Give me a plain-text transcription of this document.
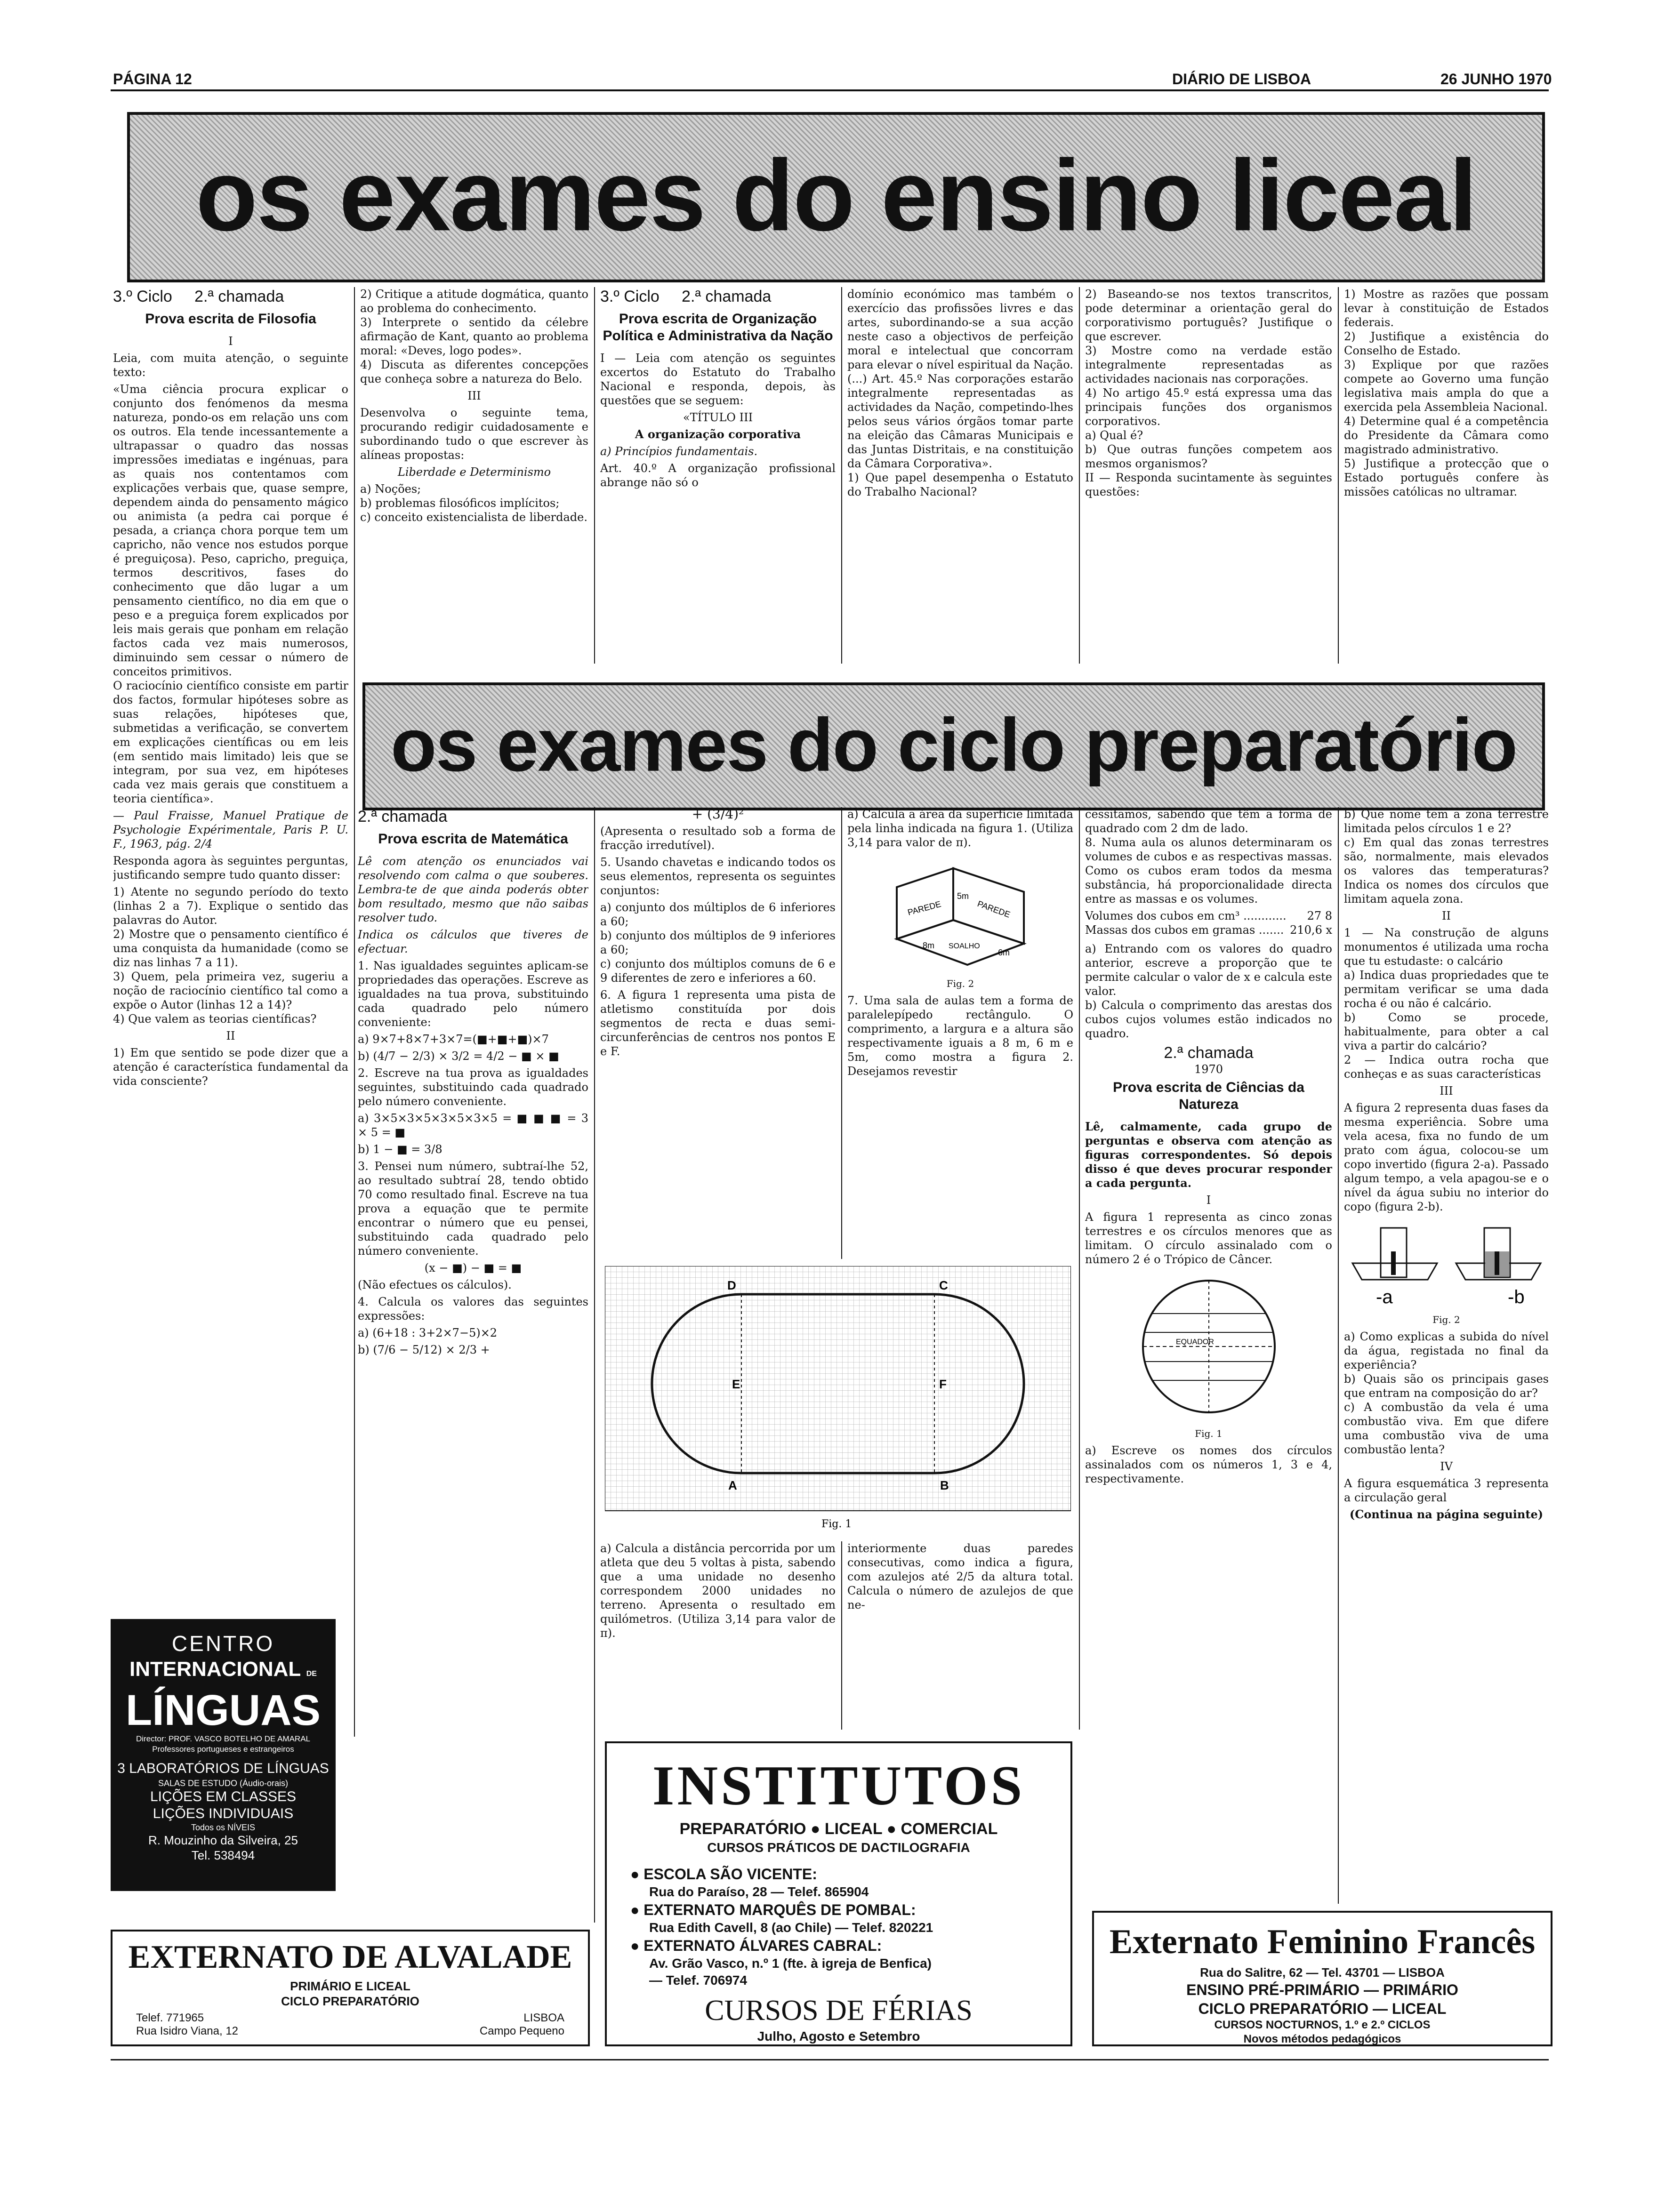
PÁGINA 12	DIÁRIO DE LISBOA	26 JUNHO 1970
os exames do ensino liceal
3.º Ciclo 2.ª chamada
Prova escrita de Filosofia

I

Leia, com muita atenção, o seguinte texto:

«Uma ciência procura explicar o conjunto dos fenómenos da mesma natureza, pondo-os em relação uns com os outros. Ela tende incessantemente a ultrapassar o quadro das nossas impressões imediatas e ingénuas, para as quais nos contentamos com explicações verbais que, quase sempre, dependem ainda do pensamento mágico ou animista (a pedra cai porque é pesada, a criança chora porque tem um capricho, não vence nos estudos porque é preguiçosa). Peso, capricho, preguiça, termos descritivos, fases do conhecimento que dão lugar a um pensamento científico, no dia em que o peso e a preguiça forem explicados por leis mais gerais que ponham em relação factos cada vez mais numerosos, diminuindo sem cessar o número de conceitos primitivos.
O raciocínio científico consiste em partir dos factos, formular hipóteses sobre as suas relações, hipóteses que, submetidas a verificação, se convertem em explicações científicas ou em leis (em sentido mais limitado) leis que se integram, por sua vez, em hipóteses cada vez mais gerais que constituem a teoria científica».

— Paul Fraisse, Manuel Pratique de Psychologie Expérimentale, Paris P. U. F., 1963, pág. 2/4

Responda agora às seguintes perguntas, justificando sempre tudo quanto disser:

1) Atente no segundo período do texto (linhas 2 a 7). Explique o sentido das palavras do Autor.
2) Mostre que o pensamento científico é uma conquista da humanidade (como se diz nas linhas 7 a 11).
3) Quem, pela primeira vez, sugeriu a noção de raciocínio científico tal como a expõe o Autor (linhas 12 a 14)?
4) Que valem as teorias científicas?

II

1) Em que sentido se pode dizer que a atenção é característica fundamental da vida consciente?

2) Critique a atitude dogmática, quanto ao problema do conhecimento.
3) Interprete o sentido da célebre afirmação de Kant, quanto ao problema moral: «Deves, logo podes».
4) Discuta as diferentes concepções que conheça sobre a natureza do Belo.

III

Desenvolva o seguinte tema, procurando redigir cuidadosamente e subordinando tudo o que escrever às alíneas propostas:

Liberdade e Determinismo

a) Noções;
b) problemas filosóficos implícitos;
c) conceito existencialista de liberdade.

3.º Ciclo 2.ª chamada
Prova escrita de Organização Política e Administrativa da Nação

I — Leia com atenção os seguintes excertos do Estatuto do Trabalho Nacional e responda, depois, às questões que se seguem:

«TÍTULO III

A organização corporativa

a) Princípios fundamentais.

Art. 40.º A organização profissional abrange não só o

domínio económico mas também o exercício das profissões livres e das artes, subordinando-se a sua acção neste caso a objectivos de perfeição moral e intelectual que concorram para elevar o nível espiritual da Nação.
(...) Art. 45.º Nas corporações estarão integralmente representadas as actividades da Nação, competindo-lhes pelos seus vários órgãos tomar parte na eleição das Câmaras Municipais e das Juntas Distritais, e na constituição da Câmara Corporativa».
1) Que papel desempenha o Estatuto do Trabalho Nacional?

2) Baseando-se nos textos transcritos, pode determinar a orientação geral do corporativismo português? Justifique o que escrever.
3) Mostre como na verdade estão integralmente representadas as actividades nacionais nas corporações.
4) No artigo 45.º está expressa uma das principais funções dos organismos corporativos.
a) Qual é?
b) Que outras funções competem aos mesmos organismos?
II — Responda sucintamente às seguintes questões:

1) Mostre as razões que possam levar à constituição de Estados federais.
2) Justifique a existência do Conselho de Estado.
3) Explique por que razões compete ao Governo uma função legislativa mais ampla do que a exercida pela Assembleia Nacional.
4) Determine qual é a competência do Presidente da Câmara como magistrado administrativo.
5) Justifique a protecção que o Estado português confere às missões católicas no ultramar.

os exames do ciclo preparatório
2.ª chamada
Prova escrita de Matemática

Lê com atenção os enunciados vai resolvendo com calma o que souberes. Lembra-te de que ainda poderás obter bom resultado, mesmo que não saibas resolver tudo.

Indica os cálculos que tiveres de efectuar.

1. Nas igualdades seguintes aplicam-se propriedades das operações. Escreve as igualdades na tua prova, substituindo cada quadrado pelo número conveniente:

a) 9×7+8×7+3×7=(■+■+■)×7

b) (4/7 − 2/3) × 3/2 = 4/2 − ■ × ■

2. Escreve na tua prova as igualdades seguintes, substituindo cada quadrado pelo número conveniente.

a) 3×5×3×5×3×5×3×5 = ■ ■ ■ = 3 × 5 = ■

b) 1 − ■ = 3/8

3. Pensei num número, subtraí-lhe 52, ao resultado subtraí 28, tendo obtido 70 como resultado final. Escreve na tua prova a equação que te permite encontrar o número que eu pensei, substituindo cada quadrado pelo número conveniente.

(x − ■) − ■ = ■

(Não efectues os cálculos).

4. Calcula os valores das seguintes expressões:

a) (6+18 : 3+2×7−5)×2

b) (7/6 − 5/12) × 2/3 +

+ (3/4)²

(Apresenta o resultado sob a forma de fracção irredutível).

5. Usando chavetas e indicando todos os seus elementos, representa os seguintes conjuntos:

a) conjunto dos múltiplos de 6 inferiores a 60;
b) conjunto dos múltiplos de 9 inferiores a 60;
c) conjunto dos múltiplos comuns de 6 e 9 diferentes de zero e inferiores a 60.

6. A figura 1 representa uma pista de atletismo constituída por dois segmentos de recta e duas semi-circunferências de centros nos pontos E e F.

a) Calcula a área da superfície limitada pela linha indicada na figura 1. (Utiliza 3,14 para valor de π).

PAREDE	PAREDE
SOALHO
8m
6m
5m

Fig. 2

7. Uma sala de aulas tem a forma de paralelepípedo rectângulo. O comprimento, a largura e a altura são respectivamente iguais a 8 m, 6 m e 5m, como mostra a figura 2. Desejamos revestir

D	C
A	B
E	F
Fig. 1

a) Calcula a distância percorrida por um atleta que deu 5 voltas à pista, sabendo que a uma unidade no desenho correspondem 2000 unidades no terreno. Apresenta o resultado em quilómetros. (Utiliza 3,14 para valor de π).

interiormente duas paredes consecutivas, como indica a figura, com azulejos até 2/5 da altura total. Calcula o número de azulejos de que ne-

cessitamos, sabendo que têm a forma de quadrado com 2 dm de lado.
8. Numa aula os alunos determinaram os volumes de cubos e as respectivas massas. Como os cubos eram todos da mesma substância, há proporcionalidade directa entre as massas e os volumes.

Volumes dos cubos em cm³ ............ 27 8
Massas dos cubos em gramas ....... 210,6 x

a) Entrando com os valores do quadro anterior, escreve a proporção que te permite calcular o valor de x e calcula este valor.
b) Calcula o comprimento das arestas dos cubos cujos volumes estão indicados no quadro.

2.ª chamada

1970

Prova escrita de Ciências da Natureza

Lê, calmamente, cada grupo de perguntas e observa com atenção as figuras correspondentes. Só depois disso é que deves procurar responder a cada pergunta.

I

A figura 1 representa as cinco zonas terrestres e os círculos menores que as limitam. O círculo assinalado com o número 2 é o Trópico de Câncer.

EQUADOR

Fig. 1

a) Escreve os nomes dos círculos assinalados com os números 1, 3 e 4, respectivamente.

b) Que nome tem a zona terrestre limitada pelos círculos 1 e 2?
c) Em qual das zonas terrestres são, normalmente, mais elevados os valores das temperaturas? Indica os nomes dos círculos que limitam aquela zona.

II

1 — Na construção de alguns monumentos é utilizada uma rocha que tu estudaste: o calcário
a) Indica duas propriedades que te permitam verificar se uma dada rocha é ou não é calcário.
b) Como se procede, habitualmente, para obter a cal viva a partir do calcário?
2 — Indica outra rocha que conheças e as suas características

III

A figura 2 representa duas fases da mesma experiência. Sobre uma vela acesa, fixa no fundo de um prato com água, colocou-se um copo invertido (figura 2-a). Passado algum tempo, a vela apagou-se e o nível da água subiu no interior do copo (figura 2-b).

-a	-b

Fig. 2

a) Como explicas a subida do nível da água, registada no final da experiência?
b) Quais são os principais gases que entram na composição do ar?
c) A combustão da vela é uma combustão viva. Em que difere uma combustão viva de uma combustão lenta?

IV

A figura esquemática 3 representa a circulação geral

(Continua na página seguinte)

CENTRO

INTERNACIONAL DE

LÍNGUAS

Director: PROF. VASCO BOTELHO DE AMARAL

Professores portugueses e estrangeiros

3 LABORATÓRIOS DE LÍNGUAS

SALAS DE ESTUDO (Áudio-orais)

LIÇÕES EM CLASSES

LIÇÕES INDIVIDUAIS

Todos os NÍVEIS

R. Mouzinho da Silveira, 25

Tel. 538494

EXTERNATO DE ALVALADE

PRIMÁRIO E LICEAL

CICLO PREPARATÓRIO

Telef. 771965	LISBOA
Rua Isidro Viana, 12	Campo Pequeno

INSTITUTOS

PREPARATÓRIO ● LICEAL ● COMERCIAL

CURSOS PRÁTICOS DE DACTILOGRAFIA

● ESCOLA SÃO VICENTE:

Rua do Paraíso, 28 — Telef. 865904

● EXTERNATO MARQUÊS DE POMBAL:

Rua Edith Cavell, 8 (ao Chile) — Telef. 820221

● EXTERNATO ÁLVARES CABRAL:

Av. Grão Vasco, n.º 1 (fte. à igreja de Benfica)

— Telef. 706974

CURSOS DE FÉRIAS

Julho, Agosto e Setembro

Externato Feminino Francês

Rua do Salitre, 62 — Tel. 43701 — LISBOA

ENSINO PRÉ-PRIMÁRIO — PRIMÁRIO

CICLO PREPARATÓRIO — LICEAL

CURSOS NOCTURNOS, 1.º e 2.º CICLOS

Novos métodos pedagógicos
